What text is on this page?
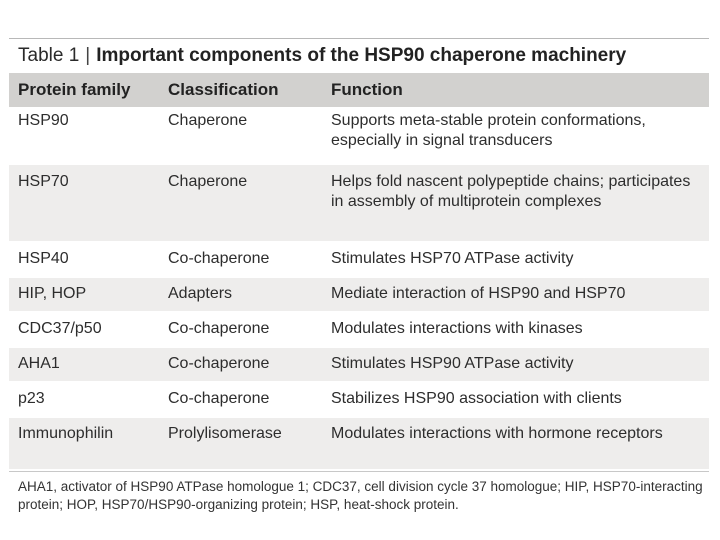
Table 1 | Important components of the HSP90 chaperone machinery
Protein family	Classification	Function
HSP90	Chaperone	Supports meta-stable protein conformations, especially in signal transducers
HSP70	Chaperone	Helps fold nascent polypeptide chains; participates in assembly of multiprotein complexes
HSP40	Co-chaperone	Stimulates HSP70 ATPase activity
HIP, HOP	Adapters	Mediate interaction of HSP90 and HSP70
CDC37/p50	Co-chaperone	Modulates interactions with kinases
AHA1	Co-chaperone	Stimulates HSP90 ATPase activity
p23	Co-chaperone	Stabilizes HSP90 association with clients
Immunophilin	Prolylisomerase	Modulates interactions with hormone receptors
AHA1, activator of HSP90 ATPase homologue 1; CDC37, cell division cycle 37 homologue; HIP, HSP70-interacting protein; HOP, HSP70/HSP90-organizing protein; HSP, heat-shock protein.
